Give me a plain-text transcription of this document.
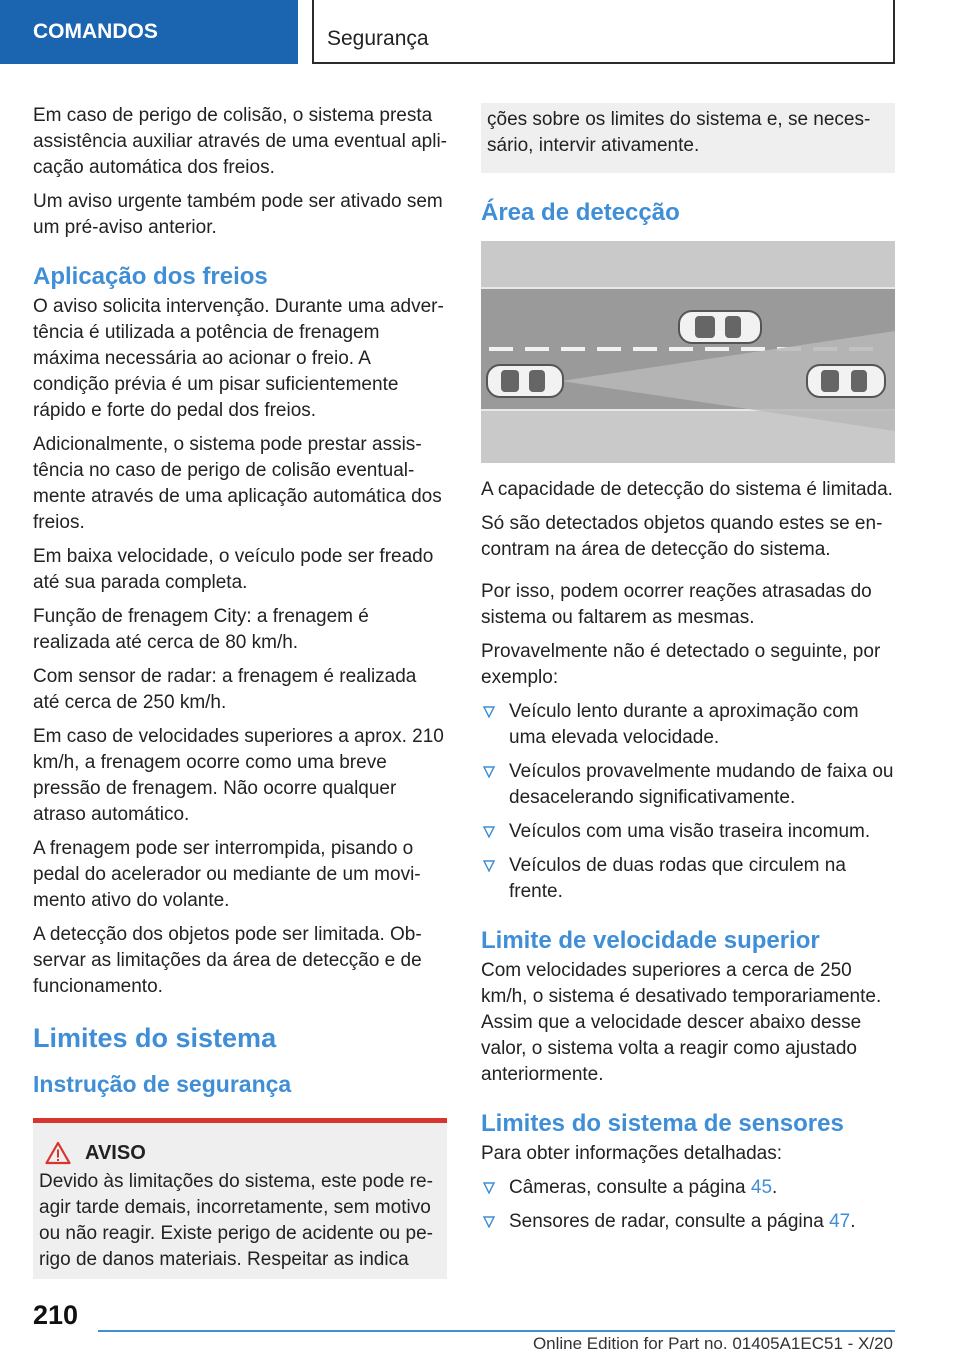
COMANDOS	Segurança

Em caso de perigo de colisão, o sistema presta assistência auxiliar através de uma eventual aplicação automática dos freios.

Um aviso urgente também pode ser ativado sem um pré-aviso anterior.

Aplicação dos freios

O aviso solicita intervenção. Durante uma advertência é utilizada a potência de frenagem máxima necessária ao acionar o freio. A condição prévia é um pisar suficientemente rápido e forte do pedal dos freios.

Adicionalmente, o sistema pode prestar assistência no caso de perigo de colisão eventualmente através de uma aplicação automática dos freios.

Em baixa velocidade, o veículo pode ser freado até sua parada completa.

Função de frenagem City: a frenagem é realizada até cerca de 80 km/h.

Com sensor de radar: a frenagem é realizada até cerca de 250 km/h.

Em caso de velocidades superiores a aprox. 210 km/h, a frenagem ocorre como uma breve pressão de frenagem. Não ocorre qualquer atraso automático.

A frenagem pode ser interrompida, pisando o pedal do acelerador ou mediante de um movimento ativo do volante.

A detecção dos objetos pode ser limitada. Observar as limitações da área de detecção e de funcionamento.

Limites do sistema
Instrução de segurança
AVISO

Devido às limitações do sistema, este pode reagir tarde demais, incorretamente, sem motivo ou não reagir. Existe perigo de acidente ou perigo de danos materiais. Respeitar as indica

ções sobre os limites do sistema e, se necessário, intervir ativamente.

Área de detecção

A capacidade de detecção do sistema é limitada.

Só são detectados objetos quando estes se encontram na área de detecção do sistema.

Por isso, podem ocorrer reações atrasadas do sistema ou faltarem as mesmas.

Provavelmente não é detectado o seguinte, por exemplo:

Veículo lento durante a aproximação com uma elevada velocidade.
Veículos provavelmente mudando de faixa ou desacelerando significativamente.
Veículos com uma visão traseira incomum.
Veículos de duas rodas que circulem na frente.
Limite de velocidade superior

Com velocidades superiores a cerca de 250 km/h, o sistema é desativado temporariamente. Assim que a velocidade descer abaixo desse valor, o sistema volta a reagir como ajustado anteriormente.

Limites do sistema de sensores

Para obter informações detalhadas:

Câmeras, consulte a página 45.
Sensores de radar, consulte a página 47.
210
Online Edition for Part no. 01405A1EC51 - X/20
